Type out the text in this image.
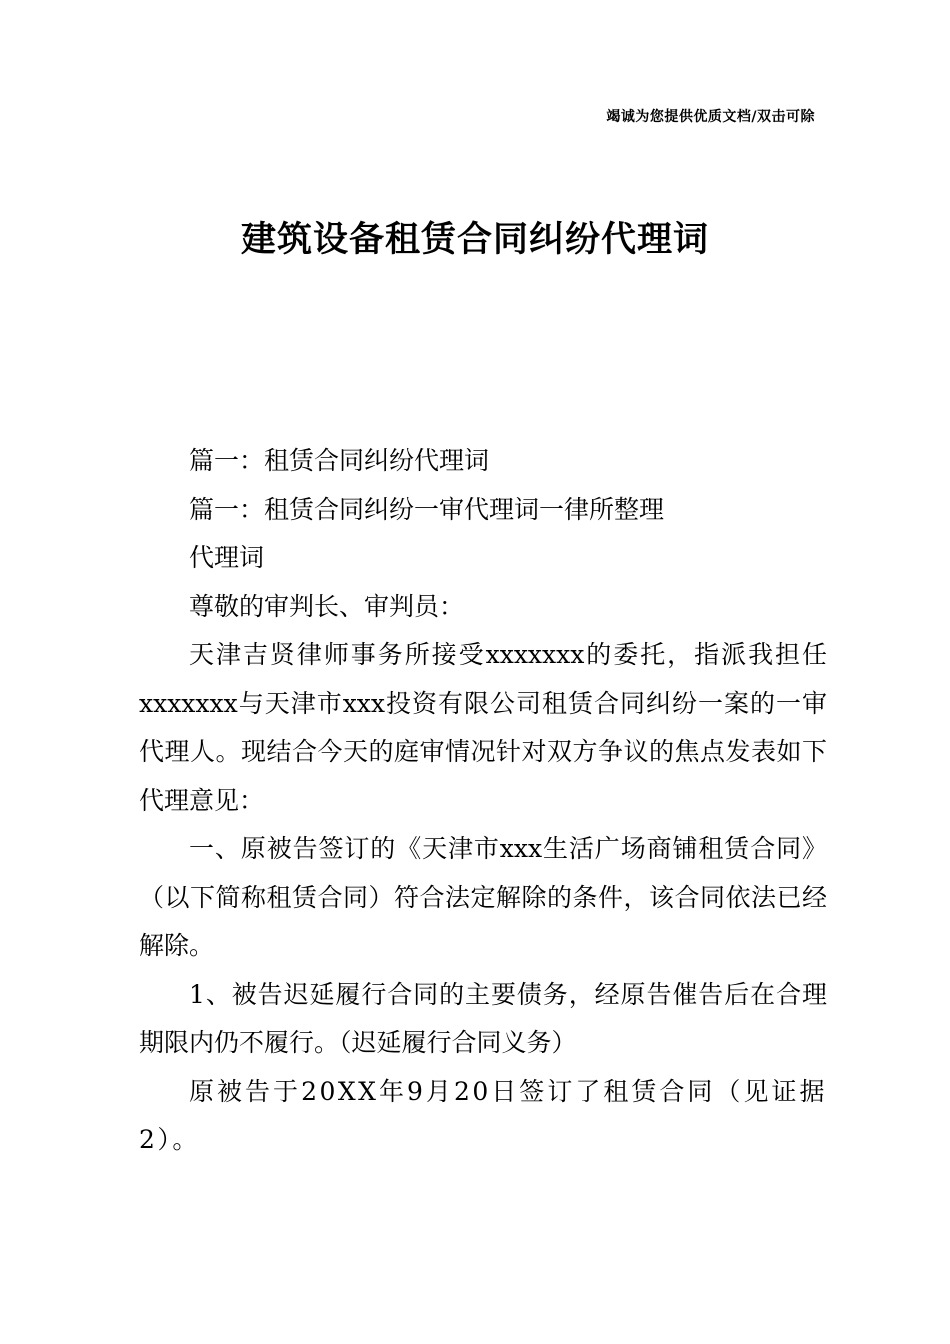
竭诚为您提供优质文档/双击可除
建筑设备租赁合同纠纷代理词

篇一：租赁合同纠纷代理词

篇一：租赁合同纠纷一审代理词一律所整理

代理词

尊敬的审判长、审判员：

天津吉贤律师事务所接受xxxxxxx的委托，指派我担任xxxxxxx与天津市xxx投资有限公司租赁合同纠纷一案的一审代理人。现结合今天的庭审情况针对双方争议的焦点发表如下代理意见：

一、原被告签订的《天津市xxx生活广场商铺租赁合同》（以下简称租赁合同）符合法定解除的条件，该合同依法已经解除。

1、被告迟延履行合同的主要债务，经原告催告后在合理期限内仍不履行。（迟延履行合同义务）

原被告于20XX年9月20日签订了租赁合同（见证据2）。
